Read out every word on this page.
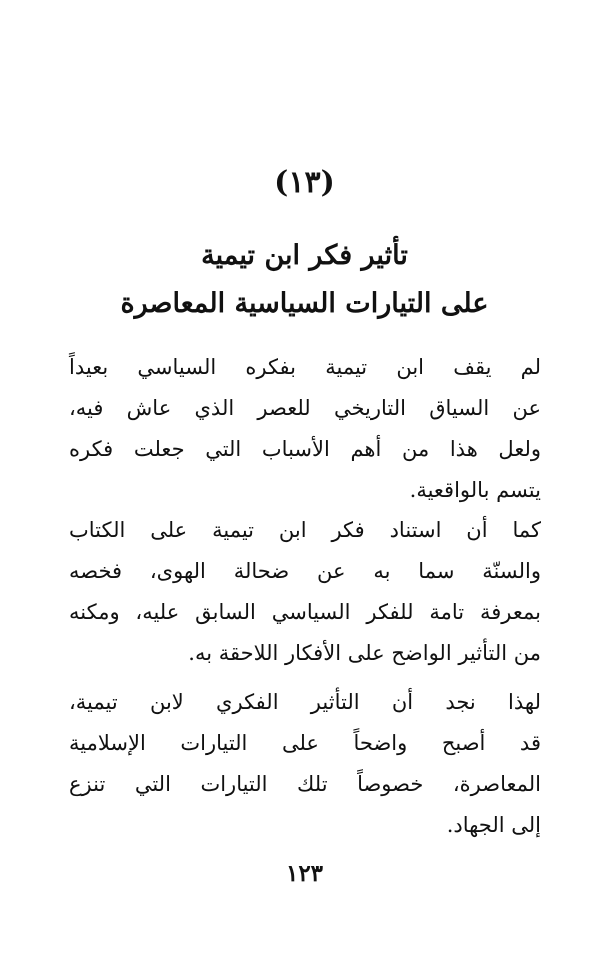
(١٣)
تأثير فكر ابن تيمية
على التيارات السياسية المعاصرة
لم يقف ابن تيمية بفكره السياسي بعيداً
عن السياق التاريخي للعصر الذي عاش فيه،
ولعل هذا من أهم الأسباب التي جعلت فكره
يتسم بالواقعية.
كما أن استناد فكر ابن تيمية على الكتاب
والسنّة سما به عن ضحالة الهوى، فخصه
بمعرفة تامة للفكر السياسي السابق عليه، ومكنه
من التأثير الواضح على الأفكار اللاحقة به.
لهذا نجد أن التأثير الفكري لابن تيمية،
قد أصبح واضحاً على التيارات الإسلامية
المعاصرة، خصوصاً تلك التيارات التي تنزع
إلى الجهاد.
١٢٣
